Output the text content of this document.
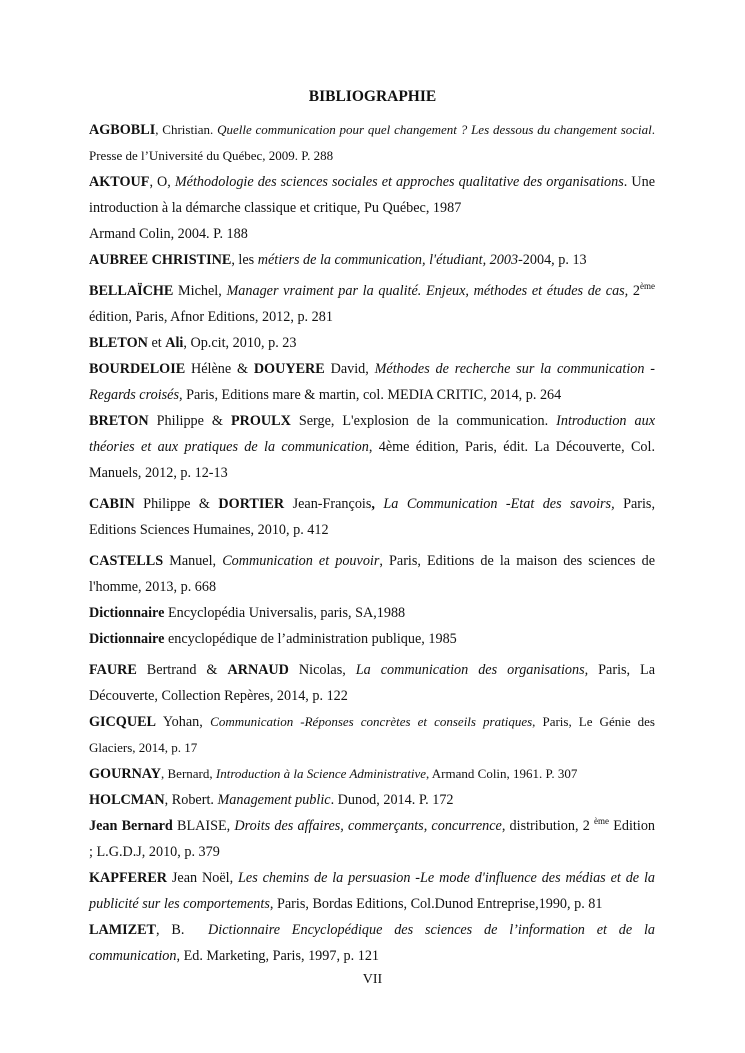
BIBLIOGRAPHIE

AGBOBLI, Christian. Quelle communication pour quel changement ? Les dessous du changement social. Presse de l’Université du Québec, 2009. P. 288

AKTOUF, O, Méthodologie des sciences sociales et approches qualitative des organisations. Une introduction à la démarche classique et critique, Pu Québec, 1987

Armand Colin, 2004. P. 188

AUBREE CHRISTINE, les métiers de la communication, l'étudiant, 2003-2004, p. 13

BELLAÏCHE Michel, Manager vraiment par la qualité. Enjeux, méthodes et études de cas, 2ème édition, Paris, Afnor Editions, 2012, p. 281

BLETON et Ali, Op.cit, 2010, p. 23

BOURDELOIE Hélène & DOUYERE David, Méthodes de recherche sur la communication -Regards croisés, Paris, Editions mare & martin, col. MEDIA CRITIC, 2014, p. 264

BRETON Philippe & PROULX Serge, L'explosion de la communication. Introduction aux théories et aux pratiques de la communication, 4ème édition, Paris, édit. La Découverte, Col. Manuels, 2012, p. 12-13

CABIN Philippe & DORTIER Jean-François, La Communication -Etat des savoirs, Paris, Editions Sciences Humaines, 2010, p. 412

CASTELLS Manuel, Communication et pouvoir, Paris, Editions de la maison des sciences de l'homme, 2013, p. 668

Dictionnaire Encyclopédia Universalis, paris, SA,1988

Dictionnaire encyclopédique de l’administration publique, 1985

FAURE Bertrand & ARNAUD Nicolas, La communication des organisations, Paris, La Découverte, Collection Repères, 2014, p. 122

GICQUEL Yohan, Communication -Réponses concrètes et conseils pratiques, Paris, Le Génie des Glaciers, 2014, p. 17

GOURNAY, Bernard, Introduction à la Science Administrative, Armand Colin, 1961. P. 307

HOLCMAN, Robert. Management public. Dunod, 2014. P. 172

Jean Bernard BLAISE, Droits des affaires, commerçants, concurrence, distribution, 2 $^{ème}$ Edition ; L.G.D.J, 2010, p. 379

KAPFERER Jean Noël, Les chemins de la persuasion -Le mode d'influence des médias et de la publicité sur les comportements, Paris, Bordas Editions, Col.Dunod Entreprise,1990, p. 81

LAMIZET, B.  Dictionnaire Encyclopédique des sciences de l’information et de la communication, Ed. Marketing, Paris, 1997, p. 121

VII
